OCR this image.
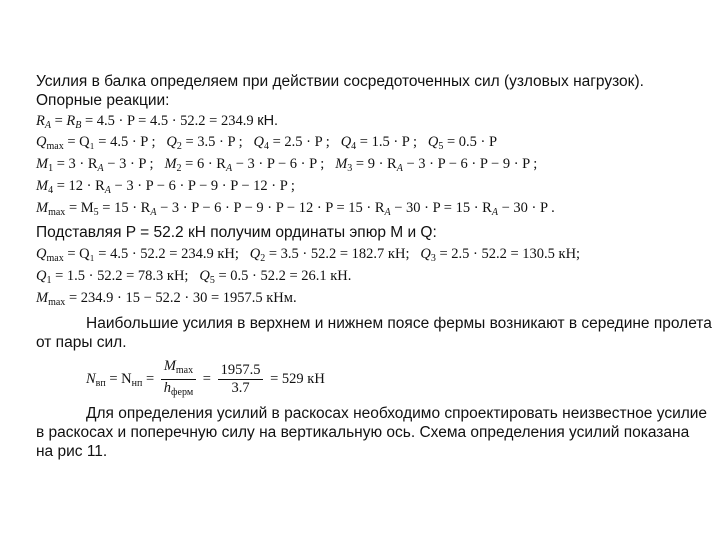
Усилия в балка определяем при действии сосредоточенных сил (узловых нагрузок).
Опорные реакции:
$R_A = R_B = 4.5 \cdot P = 4.5 \cdot 52.2 = 234.9$ кН.
$Q_{max} = Q_1 = 4.5 \cdot P$ ; $Q_2 = 3.5 \cdot P$ ; $Q_4 = 2.5 \cdot P$ ; $Q_4 = 1.5 \cdot P$ ; $Q_5 = 0.5 \cdot P$
$M_1 = 3 \cdot R_A - 3 \cdot P$ ; $M_2 = 6 \cdot R_A - 3 \cdot P - 6 \cdot P$ ; $M_3 = 9 \cdot R_A - 3 \cdot P - 6 \cdot P - 9 \cdot P$ ;
$M_4 = 12 \cdot R_A - 3 \cdot P - 6 \cdot P - 9 \cdot P - 12 \cdot P$ ;
$M_{max} = M_5 = 15 \cdot R_A - 3 \cdot P - 6 \cdot P - 9 \cdot P - 12 \cdot P = 15 \cdot R_A - 30 \cdot P = 15 \cdot R_A - 30 \cdot P$ .
Подставляя P = 52.2 кН получим ординаты эпюр M и Q:
$Q_{max} = Q_1 = 4.5 \cdot 52.2 = 234.9$ кН; $Q_2 = 3.5 \cdot 52.2 = 182.7$ кН; $Q_3 = 2.5 \cdot 52.2 = 130.5$ кН;
$Q_1 = 1.5 \cdot 52.2 = 78.3$ кН; $Q_5 = 0.5 \cdot 52.2 = 26.1$ кН.
$M_{max} = 234.9 \cdot 15 - 52.2 \cdot 30 = 1957.5$ кНм.
Наибольшие усилия в верхнем и нижнем поясе фермы возникают в середине пролета
от пары сил.
$N_{вп} = N_{нп} = \frac{M_{max}}{h_{ферм}} = \frac{1957.5}{3.7} = 529$ кН
Для определения усилий в раскосах необходимо спроектировать неизвестное усилие
в раскосах и поперечную силу на вертикальную ось. Схема определения усилий показана
на рис 11.
